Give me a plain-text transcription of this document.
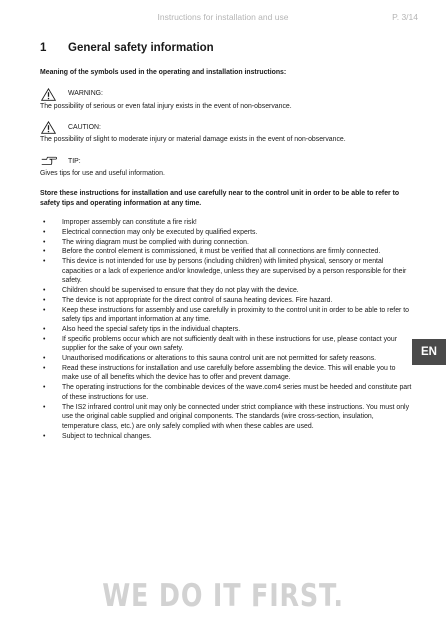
Instructions for installation and use	P. 3/14
1 General safety information
Meaning of the symbols used in the operating and installation instructions:
WARNING:
The possibility of serious or even fatal injury exists in the event of non-observance.
CAUTION:
The possibility of slight to moderate injury or material damage exists in the event of non-observance.
TIP:
Gives tips for use and useful information.
Store these instructions for installation and use carefully near to the control unit in order to be able to refer to safety tips and operating information at any time.
• Improper assembly can constitute a fire risk!
• Electrical connection may only be executed by qualified experts.
• The wiring diagram must be complied with during connection.
• Before the control element is commissioned, it must be verified that all connections are firmly connected.
• This device is not intended for use by persons (including children) with limited physical, sensory or mental capacities or a lack of experience and/or knowledge, unless they are supervised by a person responsible for their safety.
• Children should be supervised to ensure that they do not play with the device.
• The device is not appropriate for the direct control of sauna heating devices. Fire hazard.
• Keep these instructions for assembly and use carefully in proximity to the control unit in order to be able to refer to safety tips and important information at any time.
• Also heed the special safety tips in the individual chapters.
• If specific problems occur which are not sufficiently dealt with in these instructions for use, please contact your supplier for the sake of your own safety.
• Unauthorised modifications or alterations to this sauna control unit are not permitted for safety reasons.
• Read these instructions for installation and use carefully before assembling the device. This will enable you to make use of all benefits which the device has to offer and prevent damage.
• The operating instructions for the combinable devices of the wave.com4 series must be heeded and constitute part of these instructions for use.
• The IS2 infrared control unit may only be connected under strict compliance with these instructions. You must only use the original cable supplied and original components. The standards (wire cross-section, insulation, temperature class, etc.) are only safely complied with when these cables are used.
• Subject to technical changes.
EN
WE DO IT FIRST.
